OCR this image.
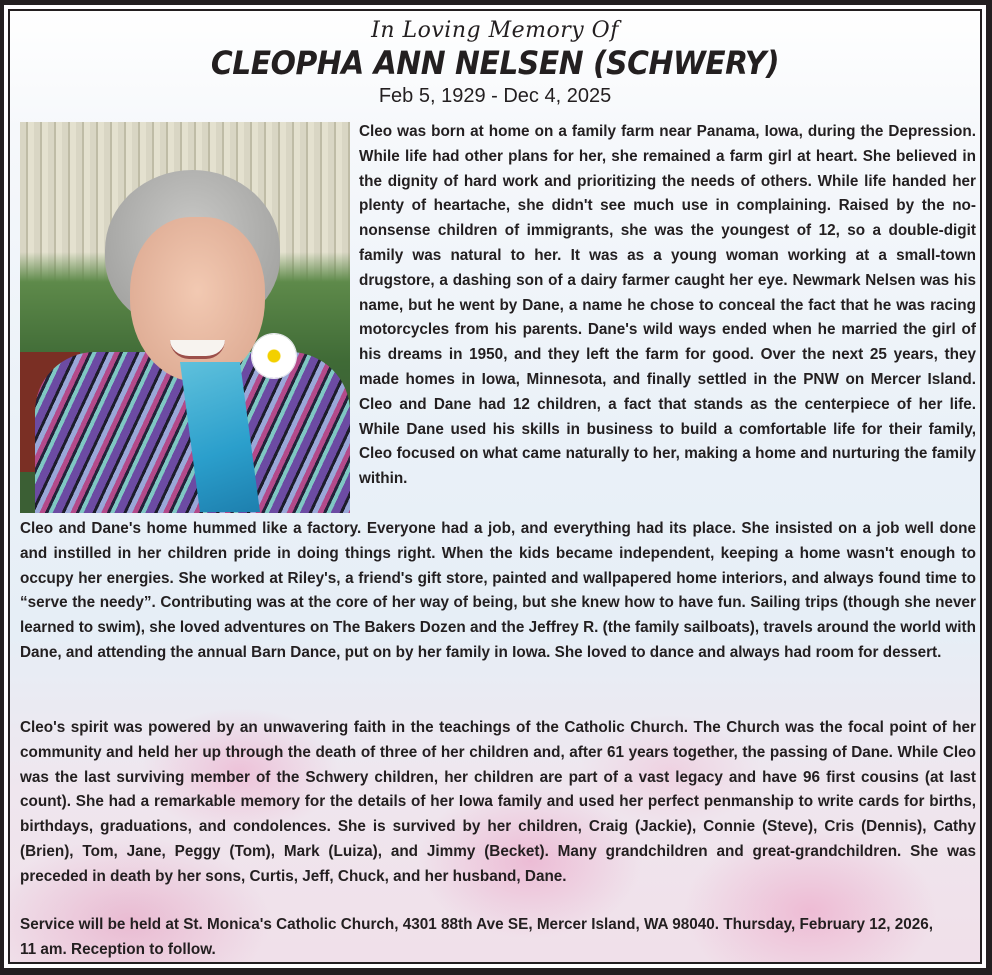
In Loving Memory Of
CLEOPHA ANN NELSEN (SCHWERY)
Feb 5, 1929 - Dec 4, 2025
Cleo was born at home on a family farm near Panama, Iowa, during the Depression. While life had other plans for her, she remained a farm girl at heart. She believed in the dignity of hard work and prioritizing the needs of others. While life handed her plenty of heartache, she didn't see much use in complaining. Raised by the no-nonsense children of immigrants, she was the youngest of 12, so a double-digit family was natural to her. It was as a young woman working at a small-town drugstore, a dashing son of a dairy farmer caught her eye. Newmark Nelsen was his name, but he went by Dane, a name he chose to conceal the fact that he was racing motorcycles from his parents. Dane's wild ways ended when he married the girl of his dreams in 1950, and they left the farm for good. Over the next 25 years, they made homes in Iowa, Minnesota, and finally settled in the PNW on Mercer Island. Cleo and Dane had 12 children, a fact that stands as the centerpiece of her life. While Dane used his skills in business to build a comfortable life for their family, Cleo focused on what came naturally to her, making a home and nurturing the family within.
Cleo and Dane's home hummed like a factory. Everyone had a job, and everything had its place. She insisted on a job well done and instilled in her children pride in doing things right. When the kids became independent, keeping a home wasn't enough to occupy her energies. She worked at Riley's, a friend's gift store, painted and wallpapered home interiors, and always found time to “serve the needy”. Contributing was at the core of her way of being, but she knew how to have fun. Sailing trips (though she never learned to swim), she loved adventures on The Bakers Dozen and the Jeffrey R. (the family sailboats), travels around the world with Dane, and attending the annual Barn Dance, put on by her family in Iowa. She loved to dance and always had room for dessert.
Cleo's spirit was powered by an unwavering faith in the teachings of the Catholic Church. The Church was the focal point of her community and held her up through the death of three of her children and, after 61 years together, the passing of Dane. While Cleo was the last surviving member of the Schwery children, her children are part of a vast legacy and have 96 first cousins (at last count). She had a remarkable memory for the details of her Iowa family and used her perfect penmanship to write cards for births, birthdays, graduations, and condolences. She is survived by her children, Craig (Jackie), Connie (Steve), Cris (Dennis), Cathy (Brien), Tom, Jane, Peggy (Tom), Mark (Luiza), and Jimmy (Becket). Many grandchildren and great-grandchildren. She was preceded in death by her sons, Curtis, Jeff, Chuck, and her husband, Dane.
Service will be held at St. Monica's Catholic Church, 4301 88th Ave SE, Mercer Island, WA 98040. Thursday, February 12, 2026,
11 am. Reception to follow.
